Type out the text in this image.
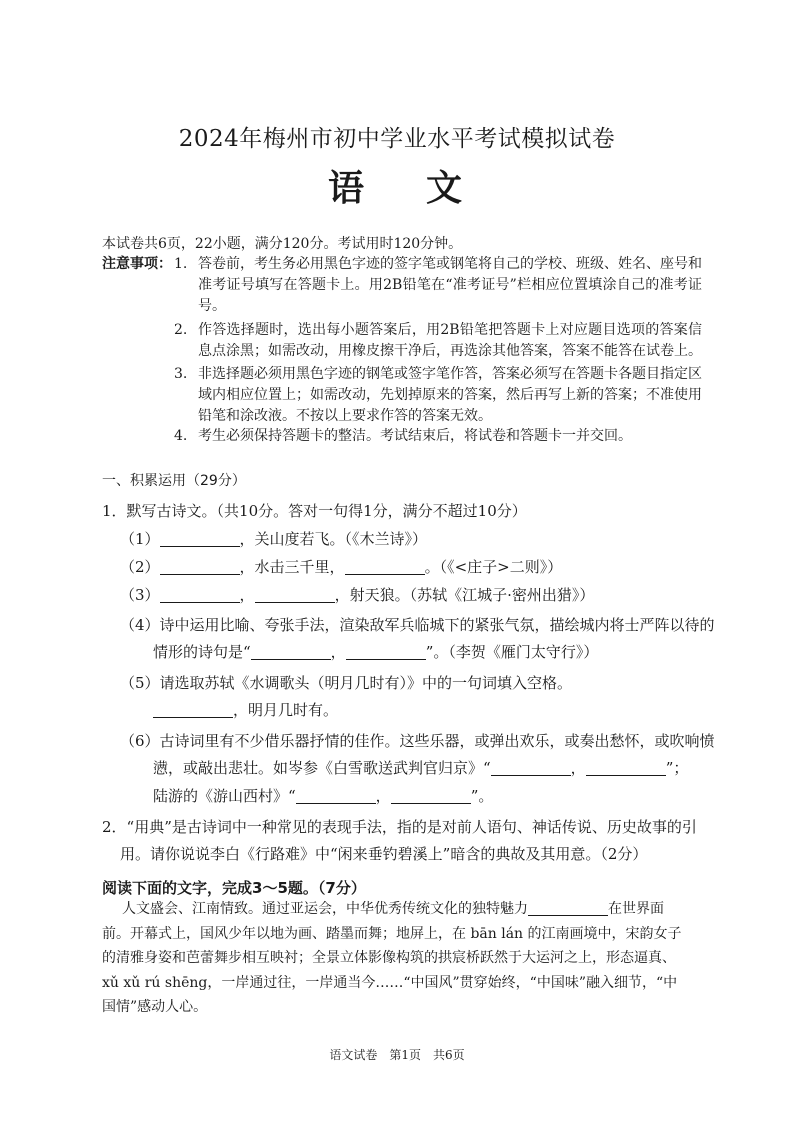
2024年梅州市初中学业水平考试模拟试卷
语 文
本试卷共6页，22小题，满分120分。考试用时120分钟。
注意事项： 1. 答卷前，考生务必用黑色字迹的签字笔或钢笔将自己的学校、班级、姓名、座号和准考证号填写在答题卡上。用2B铅笔在“准考证号”栏相应位置填涂自己的准考证号。
2. 作答选择题时，选出每小题答案后，用2B铅笔把答题卡上对应题目选项的答案信息点涂黑；如需改动，用橡皮擦干净后，再选涂其他答案，答案不能答在试卷上。
3. 非选择题必须用黑色字迹的钢笔或签字笔作答，答案必须写在答题卡各题目指定区域内相应位置上；如需改动，先划掉原来的答案，然后再写上新的答案；不准使用铅笔和涂改液。不按以上要求作答的答案无效。
4. 考生必须保持答题卡的整洁。考试结束后，将试卷和答题卡一并交回。
一、积累运用（29分）
1．默写古诗文。（共10分。答对一句得1分，满分不超过10分）
（1）	，关山度若飞。（《木兰诗》）
（2）	，水击三千里，	。（《<庄子>二则》）
（3）	，	，射天狼。（苏轼《江城子·密州出猎》）
（4）诗中运用比喻、夸张手法，渲染敌军兵临城下的紧张气氛，描绘城内将士严阵以待的
情形的诗句是“	，	”。（李贺《雁门太守行》）
（5）请选取苏轼《水调歌头（明月几时有）》中的一句词填入空格。
，明月几时有。
（6）古诗词里有不少借乐器抒情的佳作。这些乐器，或弹出欢乐，或奏出愁怀，或吹响愤
懑，或敲出悲壮。如岑参《白雪歌送武判官归京》“	，	”；
陆游的《游山西村》“	，	”。
2．“用典”是古诗词中一种常见的表现手法，指的是对前人语句、神话传说、历史故事的引
用。请你说说李白《行路难》中“闲来垂钓碧溪上”暗含的典故及其用意。（2分）
阅读下面的文字，完成3～5题。（7分）
人文盛会、江南情致。通过亚运会，中华优秀传统文化的独特魅力	在世界面
前。开幕式上，国风少年以地为画、踏墨而舞；地屏上，在 bān lán 的江南画境中，宋韵女子
的清雅身姿和芭蕾舞步相互映衬；全景立体影像构筑的拱宸桥跃然于大运河之上，形态逼真、
xǔ xǔ rú shēng，一岸通过往，一岸通当今……“中国风”贯穿始终，“中国味”融入细节，“中
国情”感动人心。
语文试卷　第1页　共6页
